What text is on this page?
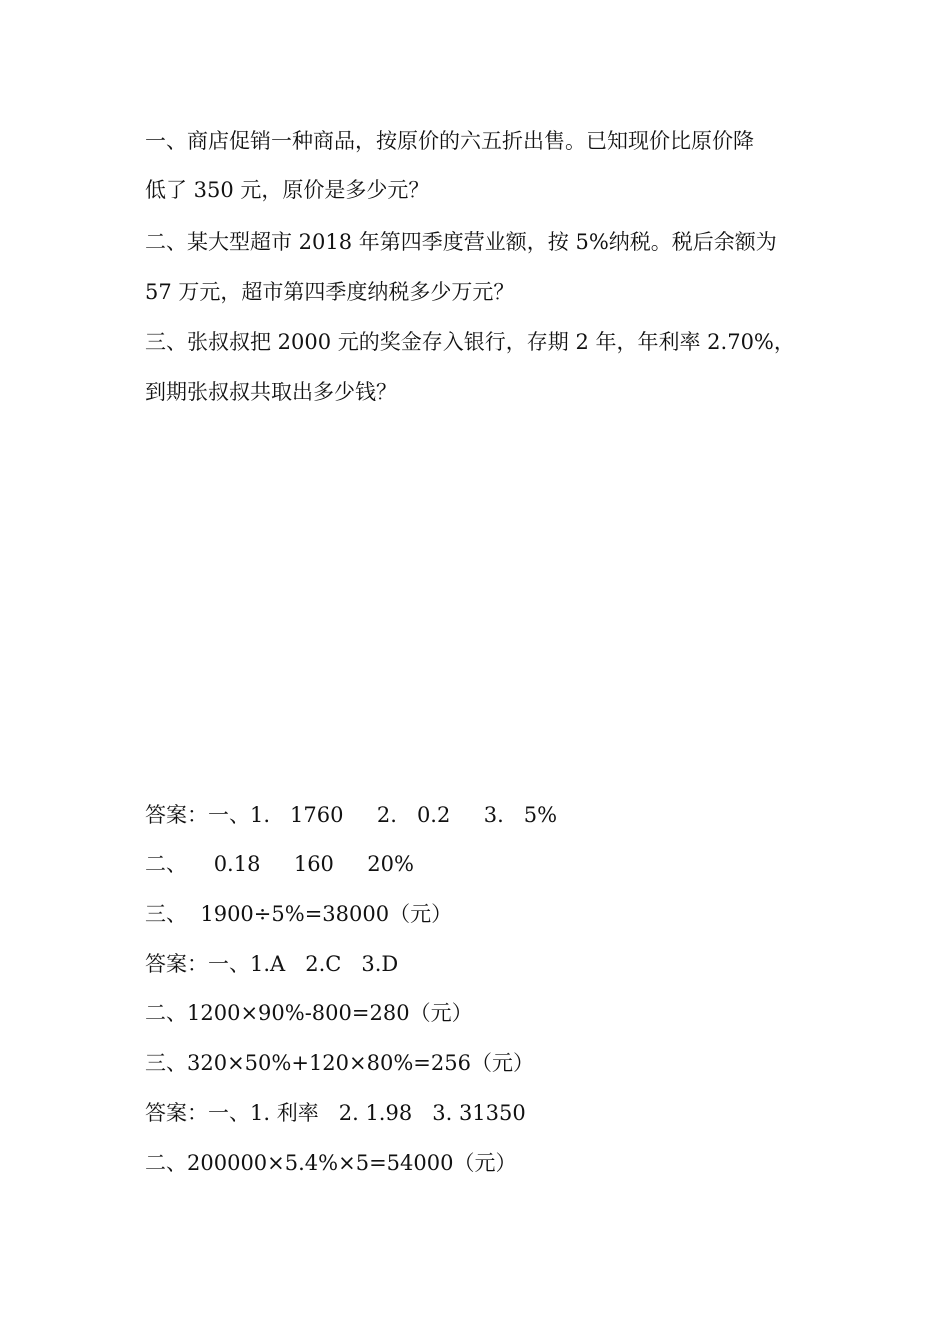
一、商店促销一种商品，按原价的六五折出售。已知现价比原价降
低了 350 元，原价是多少元？
二、某大型超市 2018 年第四季度营业额，按 5%纳税。税后余额为
57 万元，超市第四季度纳税多少万元？
三、张叔叔把 2000 元的奖金存入银行，存期 2 年，年利率 2.70%，
到期张叔叔共取出多少钱？
答案：一、1.   1760     2.   0.2     3.   5%
二、    0.18     160     20%
三、  1900÷5%=38000（元）
答案：一、1.A   2.C   3.D
二、1200×90%-800=280（元）
三、320×50%+120×80%=256（元）
答案：一、1. 利率   2. 1.98   3. 31350
二、200000×5.4%×5=54000（元）
